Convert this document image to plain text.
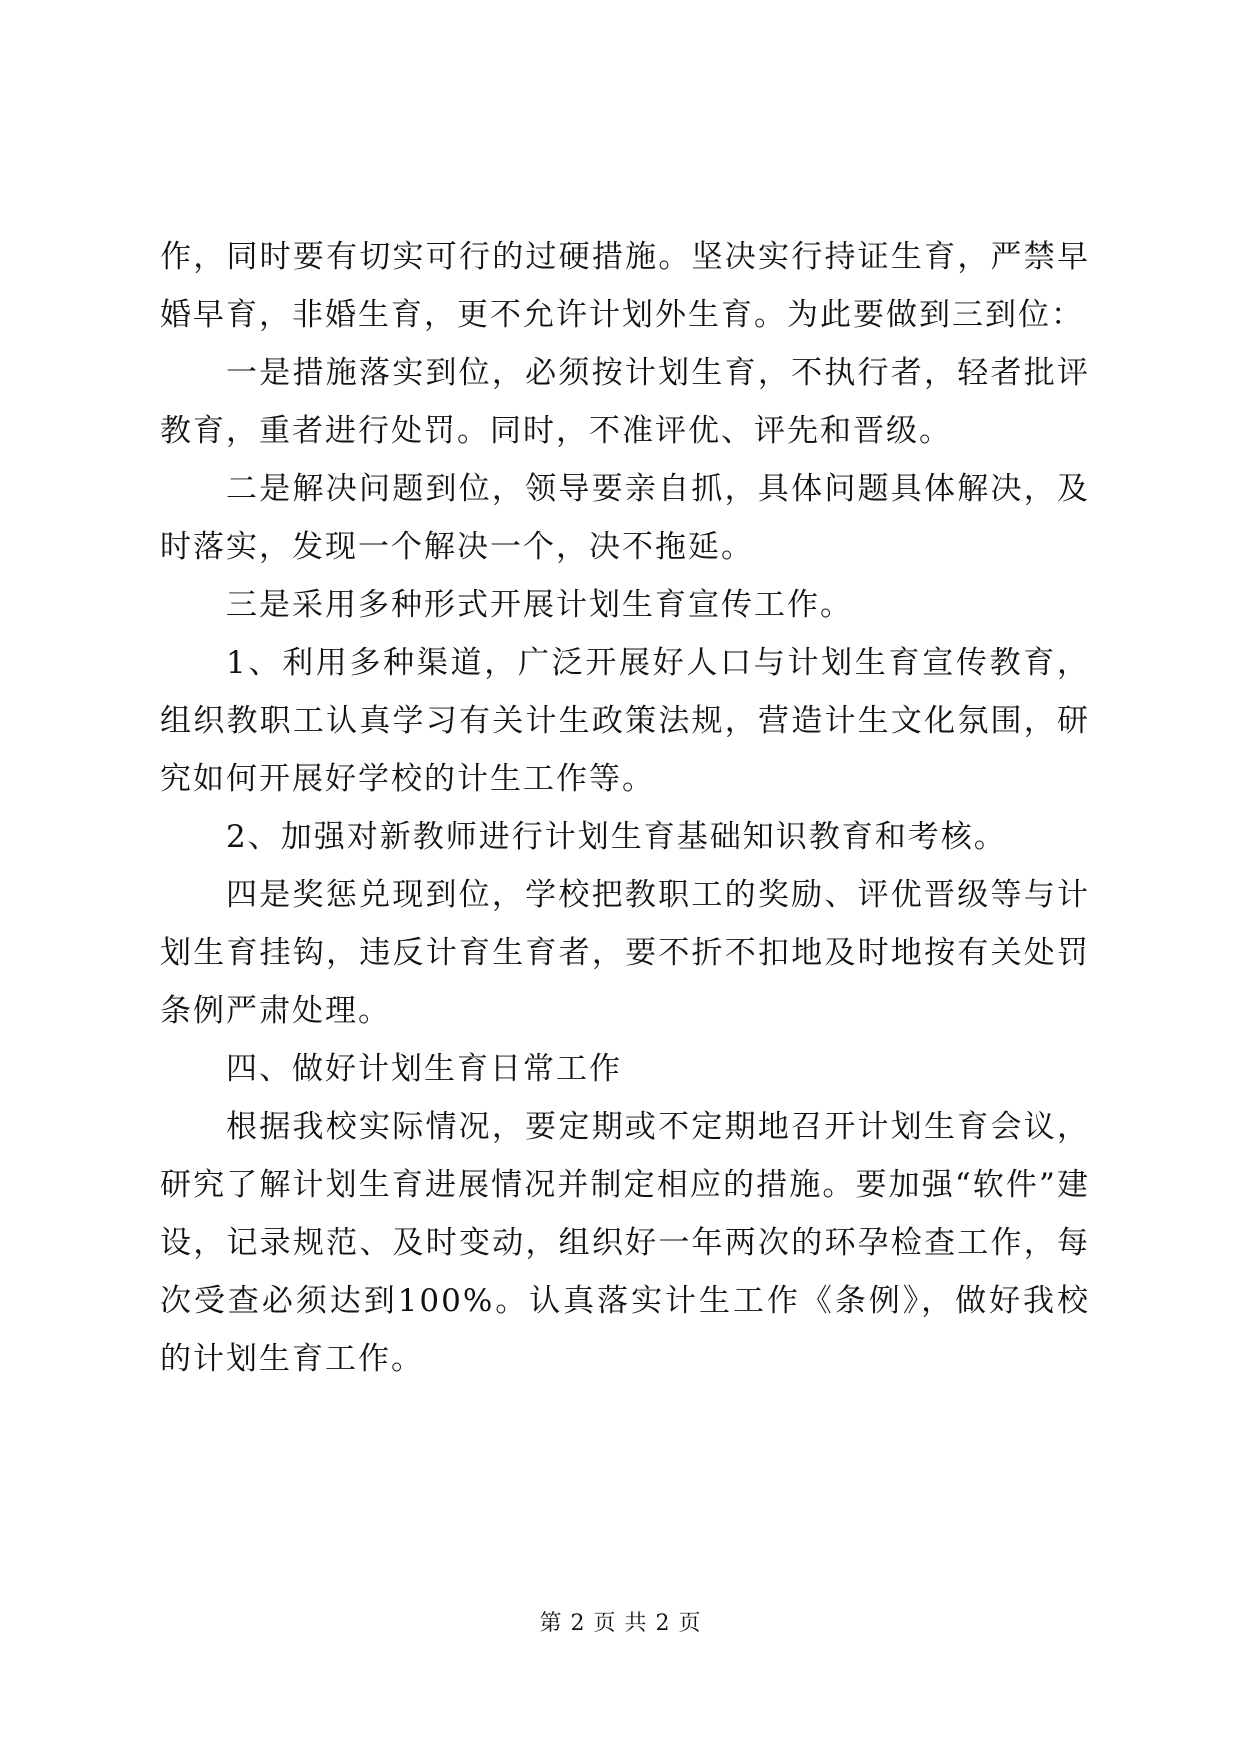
作，同时要有切实可行的过硬措施。坚决实行持证生育，严禁早婚早育，非婚生育，更不允许计划外生育。为此要做到三到位：

一是措施落实到位，必须按计划生育，不执行者，轻者批评教育，重者进行处罚。同时，不准评优、评先和晋级。

二是解决问题到位，领导要亲自抓，具体问题具体解决，及时落实，发现一个解决一个，决不拖延。

三是采用多种形式开展计划生育宣传工作。

1、利用多种渠道，广泛开展好人口与计划生育宣传教育，组织教职工认真学习有关计生政策法规，营造计生文化氛围，研究如何开展好学校的计生工作等。

2、加强对新教师进行计划生育基础知识教育和考核。

四是奖惩兑现到位，学校把教职工的奖励、评优晋级等与计划生育挂钩，违反计育生育者，要不折不扣地及时地按有关处罚条例严肃处理。

四、做好计划生育日常工作

根据我校实际情况，要定期或不定期地召开计划生育会议，研究了解计划生育进展情况并制定相应的措施。要加强“软件”建设，记录规范、及时变动，组织好一年两次的环孕检查工作，每次受查必须达到100%。认真落实计生工作《条例》，做好我校的计划生育工作。

第 2 页 共 2 页
